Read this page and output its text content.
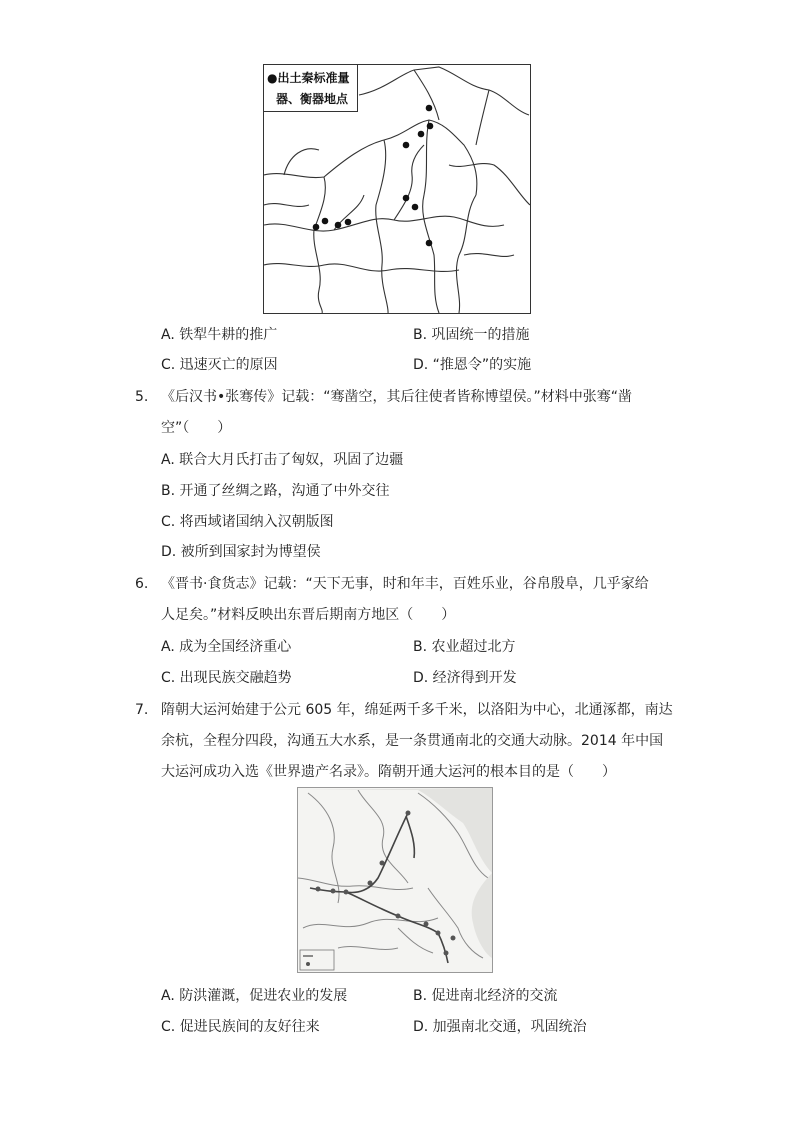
●出土秦标准量
器、衡器地点
A. 铁犁牛耕的推广	B. 巩固统一的措施
C. 迅速灭亡的原因	D. “推恩令”的实施
5. 《后汉书•张骞传》记载：“骞凿空，其后往使者皆称博望侯。”材料中张骞“凿
空”（　　）
A. 联合大月氏打击了匈奴，巩固了边疆
B. 开通了丝绸之路，沟通了中外交往
C. 将西域诸国纳入汉朝版图
D. 被所到国家封为博望侯
6. 《晋书·食货志》记载：“天下无事，时和年丰，百姓乐业，谷帛殷阜，几乎家给
人足矣。”材料反映出东晋后期南方地区（　　）
A. 成为全国经济重心	B. 农业超过北方
C. 出现民族交融趋势	D. 经济得到开发
7. 隋朝大运河始建于公元 605 年，绵延两千多千米，以洛阳为中心，北通涿都，南达
余杭，全程分四段，沟通五大水系，是一条贯通南北的交通大动脉。2014 年中国
大运河成功入选《世界遗产名录》。隋朝开通大运河的根本目的是（　　）
A. 防洪灌溉，促进农业的发展	B. 促进南北经济的交流
C. 促进民族间的友好往来	D. 加强南北交通，巩固统治
